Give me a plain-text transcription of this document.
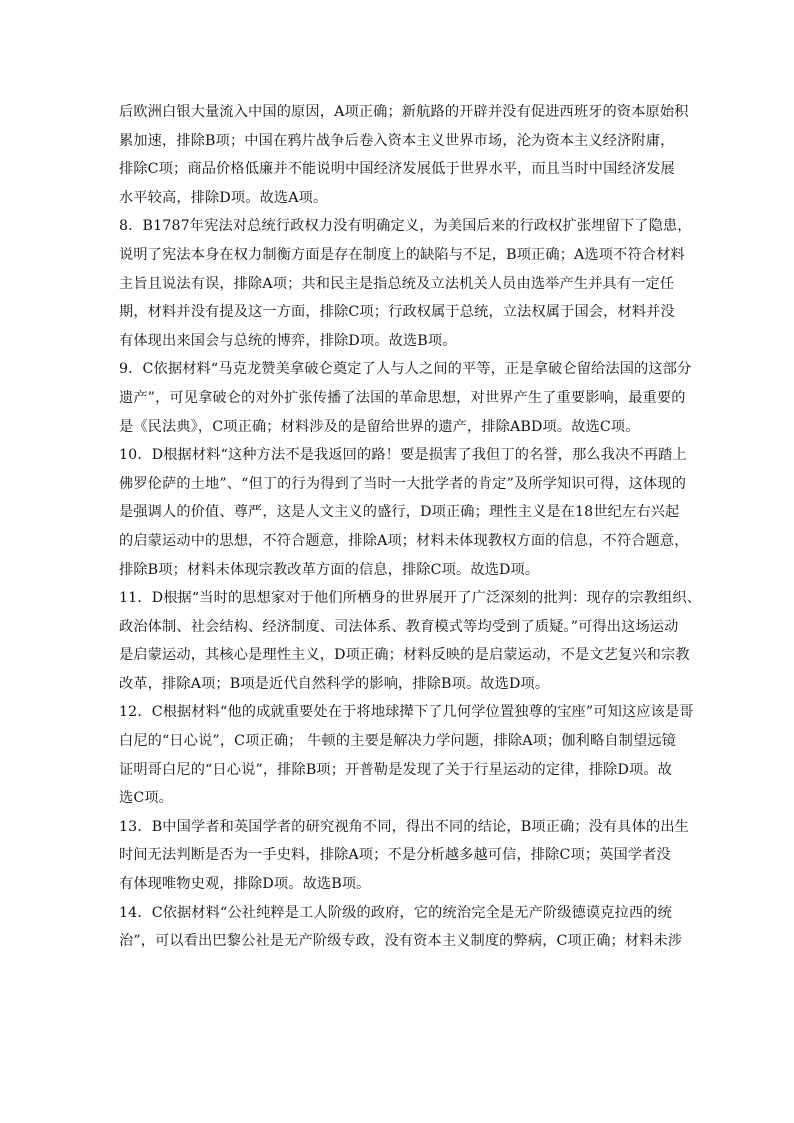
后欧洲白银大量流入中国的原因，A项正确；新航路的开辟并没有促进西班牙的资本原始积
累加速，排除B项；中国在鸦片战争后卷入资本主义世界市场，沦为资本主义经济附庸，
排除C项；商品价格低廉并不能说明中国经济发展低于世界水平，而且当时中国经济发展
水平较高，排除D项。故选A项。
8．B1787年宪法对总统行政权力没有明确定义，为美国后来的行政权扩张埋留下了隐患，
说明了宪法本身在权力制衡方面是存在制度上的缺陷与不足，B项正确；A选项不符合材料
主旨且说法有误，排除A项；共和民主是指总统及立法机关人员由选举产生并具有一定任
期，材料并没有提及这一方面，排除C项；行政权属于总统，立法权属于国会，材料并没
有体现出来国会与总统的博弈，排除D项。故选B项。
9．C依据材料“马克龙赞美拿破仑奠定了人与人之间的平等，正是拿破仑留给法国的这部分
遗产”，可见拿破仑的对外扩张传播了法国的革命思想，对世界产生了重要影响，最重要的
是《民法典》，C项正确；材料涉及的是留给世界的遗产，排除ABD项。故选C项。
10．D根据材料“这种方法不是我返回的路！要是损害了我但丁的名誉，那么我决不再踏上
佛罗伦萨的土地”、“但丁的行为得到了当时一大批学者的肯定”及所学知识可得，这体现的
是强调人的价值、尊严，这是人文主义的盛行，D项正确；理性主义是在18世纪左右兴起
的启蒙运动中的思想，不符合题意，排除A项；材料未体现教权方面的信息，不符合题意，
排除B项；材料未体现宗教改革方面的信息，排除C项。故选D项。
11．D根据“当时的思想家对于他们所栖身的世界展开了广泛深刻的批判：现存的宗教组织、
政治体制、社会结构、经济制度、司法体系、教育模式等均受到了质疑。”可得出这场运动
是启蒙运动，其核心是理性主义，D项正确；材料反映的是启蒙运动，不是文艺复兴和宗教
改革，排除A项；B项是近代自然科学的影响，排除B项。故选D项。
12．C根据材料“他的成就重要处在于将地球撵下了几何学位置独尊的宝座”可知这应该是哥
白尼的“日心说”，C项正确； 牛顿的主要是解决力学问题，排除A项；伽利略自制望远镜
证明哥白尼的“日心说”，排除B项；开普勒是发现了关于行星运动的定律，排除D项。故
选C项。
13．B中国学者和英国学者的研究视角不同，得出不同的结论，B项正确；没有具体的出生
时间无法判断是否为一手史料，排除A项；不是分析越多越可信，排除C项；英国学者没
有体现唯物史观，排除D项。故选B项。
14．C依据材料“公社纯粹是工人阶级的政府，它的统治完全是无产阶级德谟克拉西的统
治”，可以看出巴黎公社是无产阶级专政，没有资本主义制度的弊病，C项正确；材料未涉
